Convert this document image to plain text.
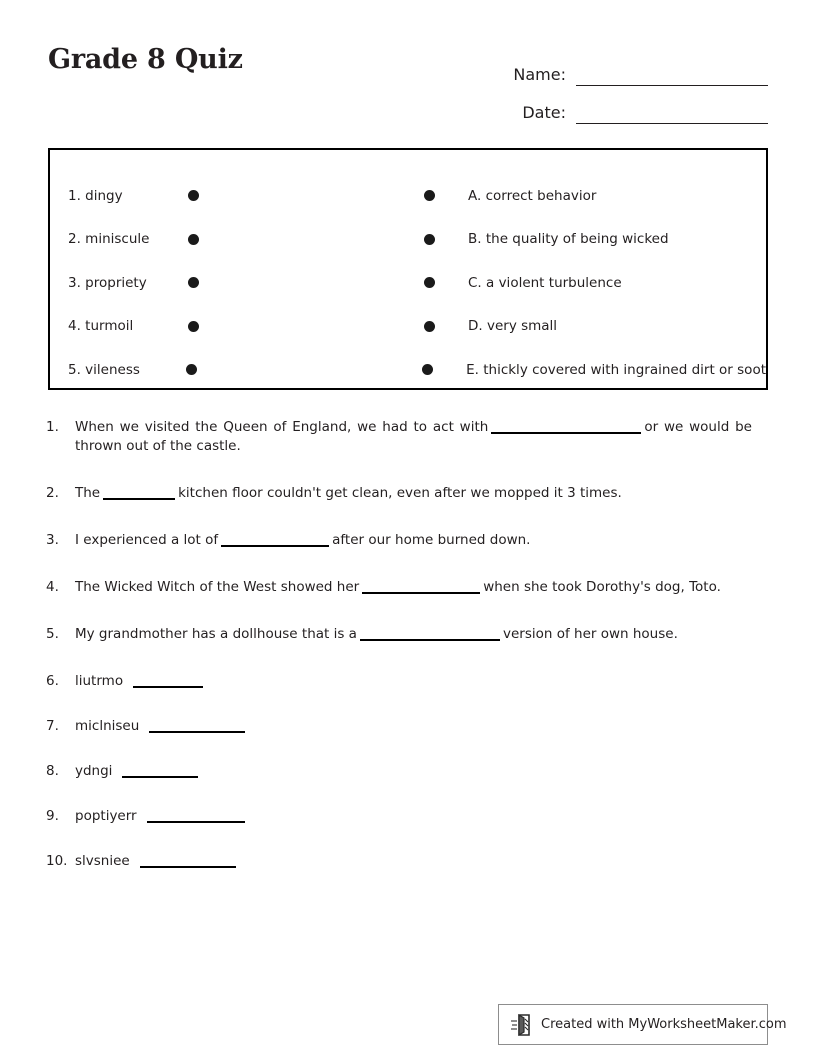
Grade 8 Quiz	Name:
Date:
1. dingy	A. correct behavior
2. miniscule	B. the quality of being wicked
3. propriety	C. a violent turbulence
4. turmoil	D. very small
5. vileness	E. thickly covered with ingrained dirt or soot
1.	When we visited the Queen of England, we had to act with	or we would be thrown out of the castle.
2.	The	kitchen floor couldn't get clean, even after we mopped it 3 times.
3.	I experienced a lot of	after our home burned down.
4.	The Wicked Witch of the West showed her	when she took Dorothy's dog, Toto.
5.	My grandmother has a dollhouse that is a	version of her own house.
6.	liutrmo
7.	miclniseu
8.	ydngi
9.	poptiyerr
10. slvsniee
Created with MyWorksheetMaker.com
